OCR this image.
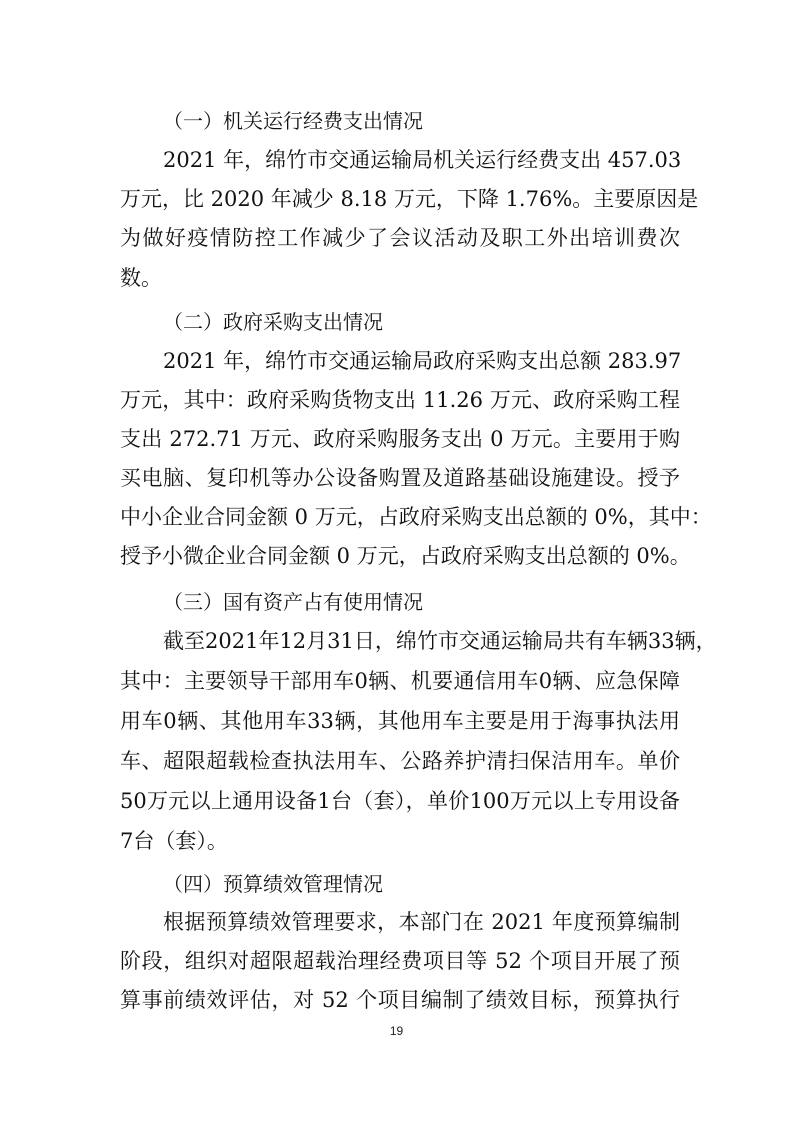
（一）机关运行经费支出情况
2021 年，绵竹市交通运输局机关运行经费支出 457.03
万元，比 2020 年减少 8.18 万元，下降 1.76%。主要原因是
为做好疫情防控工作减少了会议活动及职工外出培训费次
数。
（二）政府采购支出情况
2021 年，绵竹市交通运输局政府采购支出总额 283.97
万元，其中：政府采购货物支出 11.26 万元、政府采购工程
支出 272.71 万元、政府采购服务支出 0 万元。主要用于购
买电脑、复印机等办公设备购置及道路基础设施建设。授予
中小企业合同金额 0 万元，占政府采购支出总额的 0%，其中：
授予小微企业合同金额 0 万元，占政府采购支出总额的 0%。
（三）国有资产占有使用情况
截至2021年12月31日，绵竹市交通运输局共有车辆33辆，
其中：主要领导干部用车0辆、机要通信用车0辆、应急保障
用车0辆、其他用车33辆，其他用车主要是用于海事执法用
车、超限超载检查执法用车、公路养护清扫保洁用车。单价
50万元以上通用设备1台（套），单价100万元以上专用设备
7台（套）。
（四）预算绩效管理情况
根据预算绩效管理要求，本部门在 2021 年度预算编制
阶段，组织对超限超载治理经费项目等 52 个项目开展了预
算事前绩效评估，对 52 个项目编制了绩效目标，预算执行
19
